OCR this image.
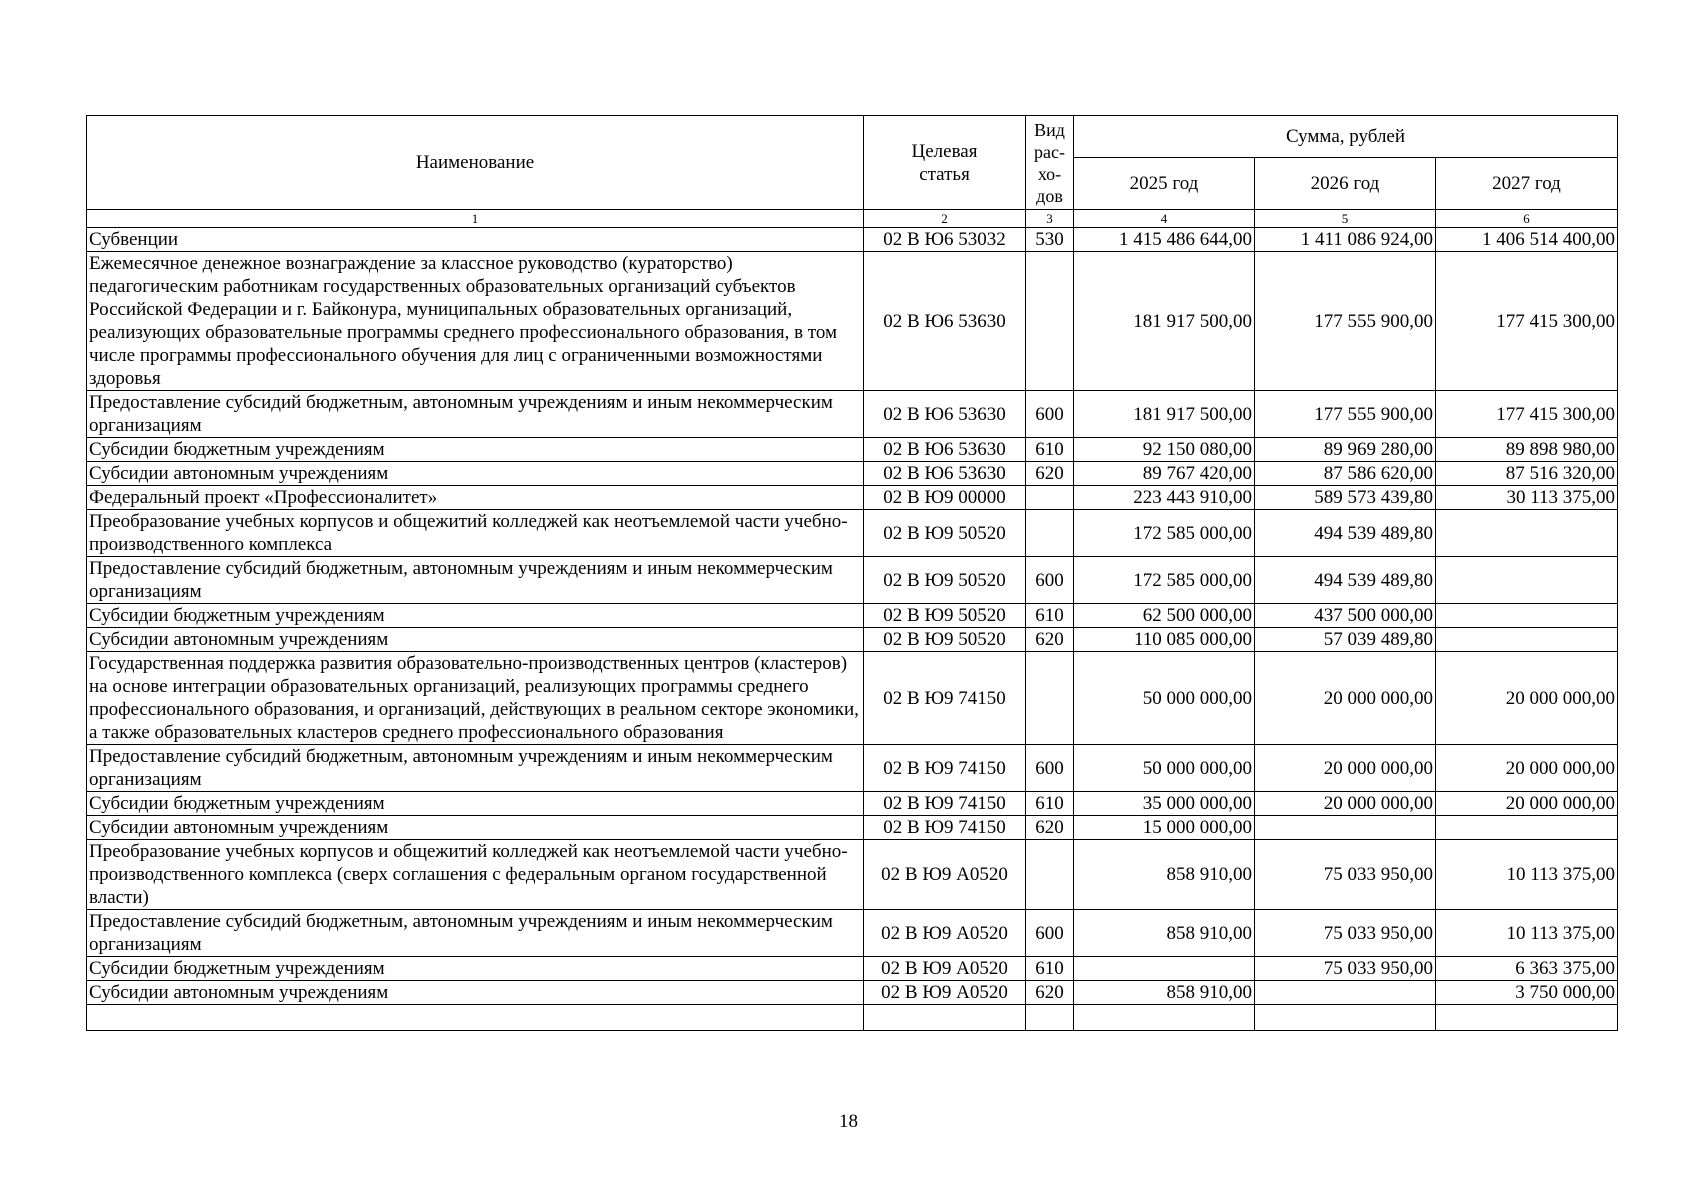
Наименование	Целевая статья	Вид рас-хо-дов	Сумма, рублей		
			2025 год	2026 год	2027 год
1	2	3	4	5	6
Субвенции	02 В Ю6 53032	530	1 415 486 644,00	1 411 086 924,00	1 406 514 400,00
Ежемесячное денежное вознаграждение за классное руководство (кураторство) педагогическим работникам государственных образовательных организаций субъектов Российской Федерации и г. Байконура, муниципальных образовательных организаций, реализующих образовательные программы среднего профессионального образования, в том числе программы профессионального обучения для лиц с ограниченными возможностями здоровья	02 В Ю6 53630		181 917 500,00	177 555 900,00	177 415 300,00
Предоставление субсидий бюджетным, автономным учреждениям и иным некоммерческим организациям	02 В Ю6 53630	600	181 917 500,00	177 555 900,00	177 415 300,00
Субсидии бюджетным учреждениям	02 В Ю6 53630	610	92 150 080,00	89 969 280,00	89 898 980,00
Субсидии автономным учреждениям	02 В Ю6 53630	620	89 767 420,00	87 586 620,00	87 516 320,00
Федеральный проект «Профессионалитет»	02 В Ю9 00000		223 443 910,00	589 573 439,80	30 113 375,00
Преобразование учебных корпусов и общежитий колледжей как неотъемлемой части учебно-производственного комплекса	02 В Ю9 50520		172 585 000,00	494 539 489,80	
Предоставление субсидий бюджетным, автономным учреждениям и иным некоммерческим организациям	02 В Ю9 50520	600	172 585 000,00	494 539 489,80	
Субсидии бюджетным учреждениям	02 В Ю9 50520	610	62 500 000,00	437 500 000,00	
Субсидии автономным учреждениям	02 В Ю9 50520	620	110 085 000,00	57 039 489,80	
Государственная поддержка развития образовательно-производственных центров (кластеров) на основе интеграции образовательных организаций, реализующих программы среднего профессионального образования, и организаций, действующих в реальном секторе экономики, а также образовательных кластеров среднего профессионального образования	02 В Ю9 74150		50 000 000,00	20 000 000,00	20 000 000,00
Предоставление субсидий бюджетным, автономным учреждениям и иным некоммерческим организациям	02 В Ю9 74150	600	50 000 000,00	20 000 000,00	20 000 000,00
Субсидии бюджетным учреждениям	02 В Ю9 74150	610	35 000 000,00	20 000 000,00	20 000 000,00
Субсидии автономным учреждениям	02 В Ю9 74150	620	15 000 000,00		
Преобразование учебных корпусов и общежитий колледжей как неотъемлемой части учебно-производственного комплекса (сверх соглашения с федеральным органом государственной власти)	02 В Ю9 А0520		858 910,00	75 033 950,00	10 113 375,00
Предоставление субсидий бюджетным, автономным учреждениям и иным некоммерческим организациям	02 В Ю9 А0520	600	858 910,00	75 033 950,00	10 113 375,00
Субсидии бюджетным учреждениям	02 В Ю9 А0520	610		75 033 950,00	6 363 375,00
Субсидии автономным учреждениям	02 В Ю9 А0520	620	858 910,00		3 750 000,00

18
